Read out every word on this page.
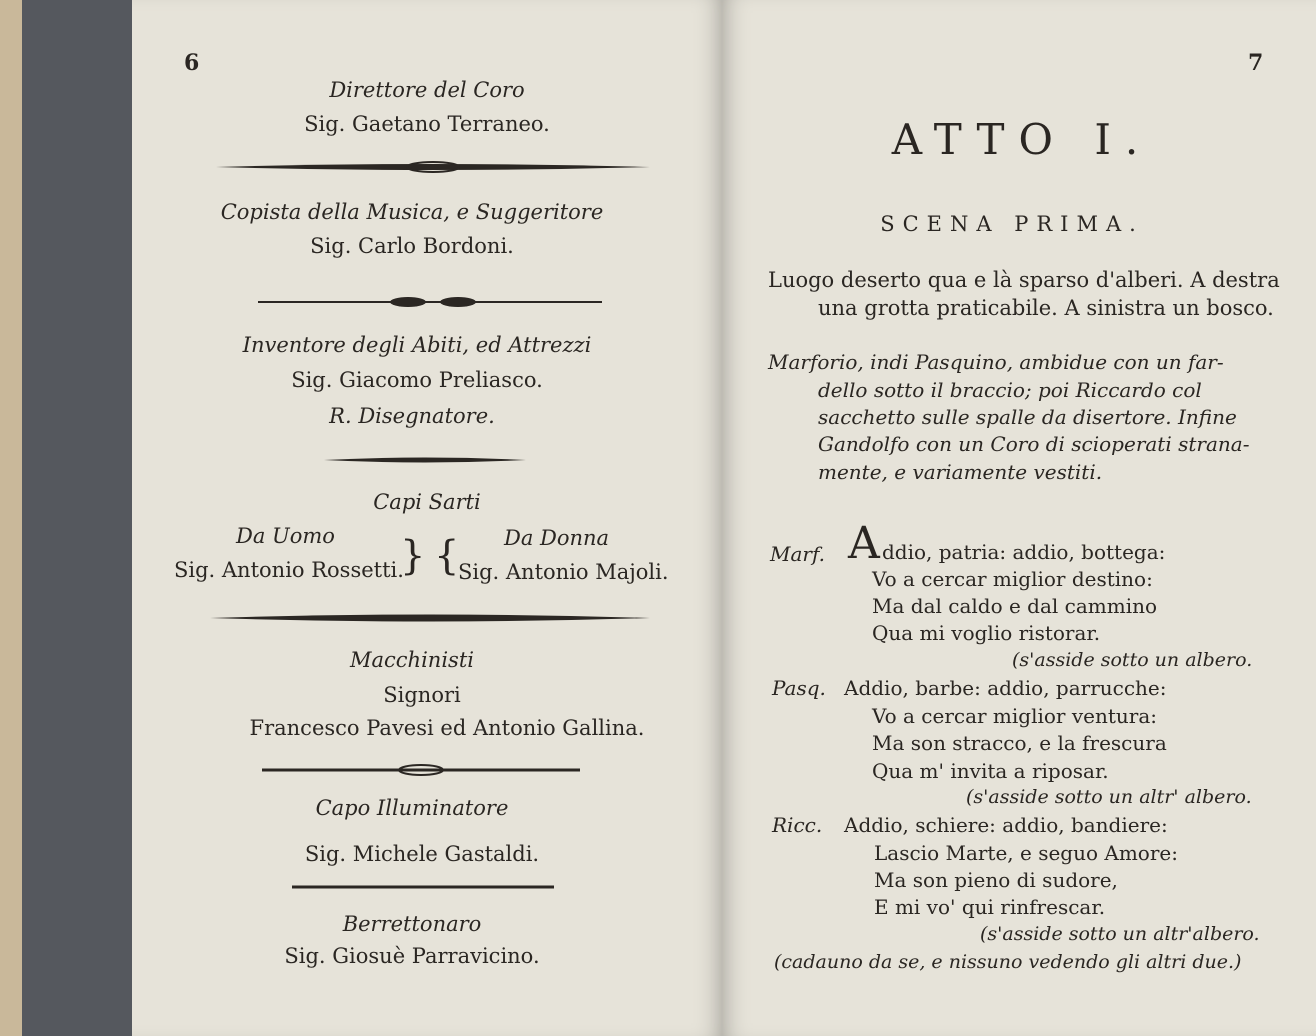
6
Direttore del Coro
Sig. Gaetano Terraneo.
Copista della Musica, e Suggeritore
Sig. Carlo Bordoni.
Inventore degli Abiti, ed Attrezzi
Sig. Giacomo Preliasco.
R. Disegnatore.
Capi Sarti
Da Uomo
Sig. Antonio Rossetti.
} { Da Donna
Sig. Antonio Majoli.
Macchinisti
Signori
Francesco Pavesi ed Antonio Gallina.
Capo Illuminatore
Sig. Michele Gastaldi.
Berrettonaro
Sig. Giosuè Parravicino.
7
ATTO I.
SCENA PRIMA.
Luogo deserto qua e là sparso d'alberi. A destra
una grotta praticabile. A sinistra un bosco.
Marforio, indi Pasquino, ambidue con un far-
dello sotto il braccio; poi Riccardo col
sacchetto sulle spalle da disertore. Infine
Gandolfo con un Coro di scioperati strana-
mente, e variamente vestiti.
Marf. A ddio, patria: addio, bottega:
Vo a cercar miglior destino:
Ma dal caldo e dal cammino
Qua mi voglio ristorar.
(s'asside sotto un albero.
Pasq. Addio, barbe: addio, parrucche:
Vo a cercar miglior ventura:
Ma son stracco, e la frescura
Qua m' invita a riposar.
(s'asside sotto un altr' albero.
Ricc. Addio, schiere: addio, bandiere:
Lascio Marte, e seguo Amore:
Ma son pieno di sudore,
E mi vo' qui rinfrescar.
(s'asside sotto un altr'albero.
(cadauno da se, e nissuno vedendo gli altri due.)
